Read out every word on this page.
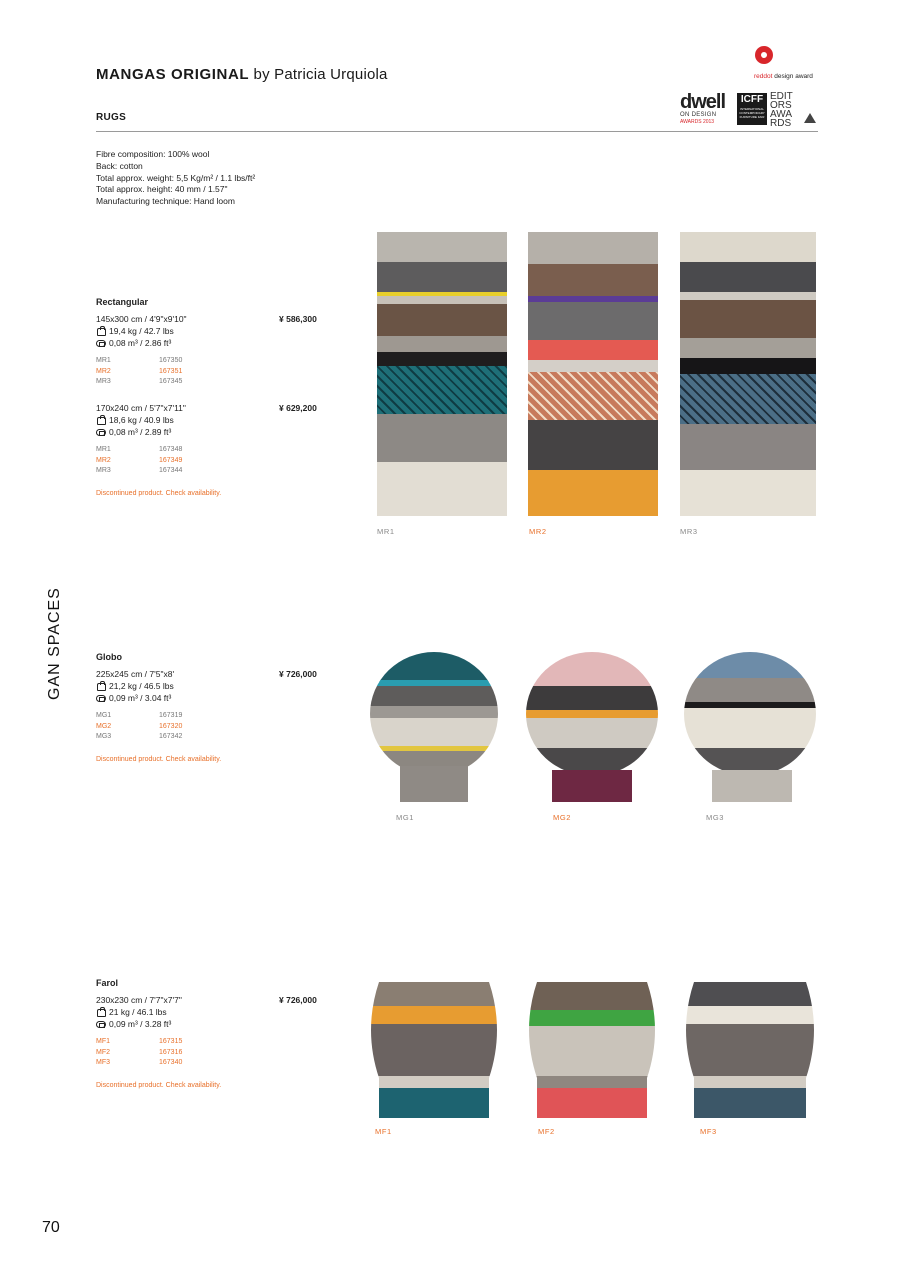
MANGAS ORIGINAL by Patricia Urquiola
RUGS
reddot design award
dwell
ON DESIGN
AWARDS 2013
ICFF
INTERNATIONAL CONTEMPORARY FURNITURE FAIR
EDIT
ORS
AWA
RDS
Fibre composition: 100% wool
Back: cotton
Total approx. weight: 5,5 Kg/m² / 1.1 lbs/ft²
Total approx. height: 40 mm / 1.57"
Manufacturing technique: Hand loom
GAN SPACES
70
Rectangular
145x300 cm / 4'9"x9'10"	¥ 586,300
19,4 kg / 42.7 lbs
0,08 m³ / 2.86 ft³
MR1	167350
MR2	167351
MR3	167345
170x240 cm / 5'7"x7'11"	¥ 629,200
18,6 kg / 40.9 lbs
0,08 m³ / 2.89 ft³
MR1	167348
MR2	167349
MR3	167344
Discontinued product. Check availability.
Globo
225x245 cm / 7'5"x8'	¥ 726,000
21,2 kg / 46.5 lbs
0,09 m³ / 3.04 ft³
MG1	167319
MG2	167320
MG3	167342
Discontinued product. Check availability.
Farol
230x230 cm / 7'7"x7'7"	¥ 726,000
21 kg / 46.1 lbs
0,09 m³ / 3.28 ft³
MF1	167315
MF2	167316
MF3	167340
Discontinued product. Check availability.
MR1	MR2	MR3
MG1	MG2	MG3
MF1	MF2	MF3
